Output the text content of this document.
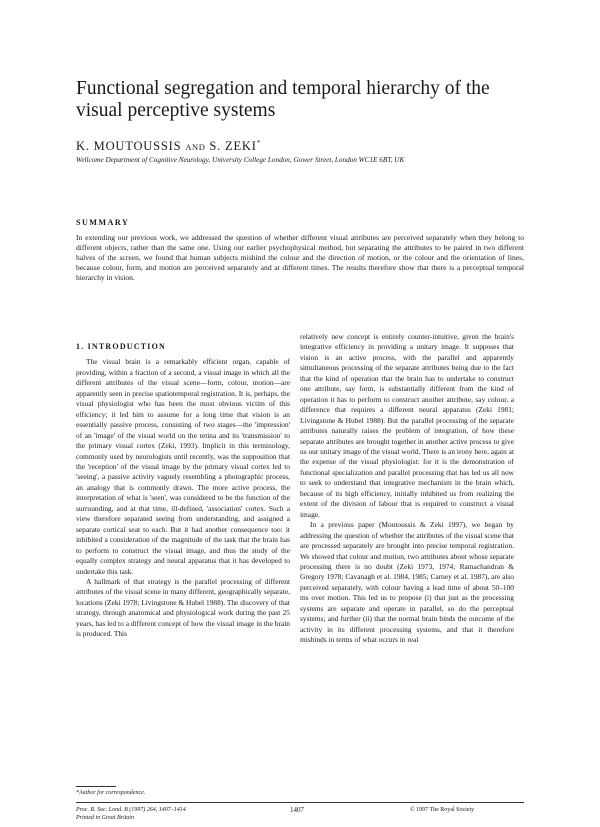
Functional segregation and temporal hierarchy of the visual perceptive systems
K. MOUTOUSSIS AND S. ZEKI*
Wellcome Department of Cognitive Neurology, University College London, Gower Street, London WC1E 6BT, UK
SUMMARY

In extending our previous work, we addressed the question of whether different visual attributes are perceived separately when they belong to different objects, rather than the same one. Using our earlier psychophysical method, but separating the attributes to be paired in two different halves of the screen, we found that human subjects mishind the colour and the direction of motion, or the colour and the orientation of lines, because colour, form, and motion are perceived separately and at different times. The results therefore show that there is a perceptual temporal hierarchy in vision.

1. INTRODUCTION

The visual brain is a remarkably efficient organ, capable of providing, within a fraction of a second, a visual image in which all the different attributes of the visual scene—form, colour, motion—are apparently seen in precise spatiotemporal registration. It is, perhaps, the visual physiologist who has been the most obvious victim of this efficiency; it led him to assume for a long time that vision is an essentially passive process, consisting of two stages—the 'impression' of an 'image' of the visual world on the retina and its 'transmission' to the primary visual cortex (Zeki, 1993). Implicit in this terminology, commonly used by neurologists until recently, was the supposition that the 'reception' of the visual image by the primary visual cortex led to 'seeing', a passive activity vaguely resembling a photographic process, an analogy that is commonly drawn. The more active process, the interpretation of what is 'seen', was considered to be the function of the surrounding, and at that time, ill-defined, 'association' cortex. Such a view therefore separated seeing from understanding, and assigned a separate cortical seat to each. But it had another consequence too: it inhibited a consideration of the magnitude of the task that the brain has to perform to construct the visual image, and thus the study of the equally complex strategy and neural apparatus that it has developed to undertake this task.

A hallmark of that strategy is the parallel processing of different attributes of the visual scene in many different, geographically separate, locations (Zeki 1978; Livingstone & Hubel 1988). The discovery of that strategy, through anatomical and physiological work during the past 25 years, has led to a different concept of how the visual image in the brain is produced. This

relatively new concept is entirely counter-intuitive, given the brain's integrative efficiency in providing a unitary image. It supposes that vision is an active process, with the parallel and apparently simultaneous processing of the separate attributes being due to the fact that the kind of operation that the brain has to undertake to construct one attribute, say form, is substantially different from the kind of operation it has to perform to construct another attribute, say colour, a difference that requires a different neural apparatus (Zeki 1981; Livingstone & Hubel 1988). But the parallel processing of the separate attributes naturally raises the problem of integration, of how these separate attributes are brought together in another active process to give us our unitary image of the visual world. There is an irony here, again at the expense of the visual physiologist: for it is the demonstration of functional specialization and parallel processing that has led us all now to seek to understand that integrative mechanism in the brain which, because of its high efficiency, initially inhibited us from realizing the extent of the division of labour that is required to construct a visual image.

In a previous paper (Moutoussis & Zeki 1997), we began by addressing the question of whether the attributes of the visual scene that are processed separately are brought into precise temporal registration. We showed that colour and motion, two attributes about whose separate processing there is no doubt (Zeki 1973, 1974; Ramachandran & Gregory 1978; Cavanagh et al. 1984, 1985; Carney et al. 1987), are also perceived separately, with colour having a lead time of about 50–100 ms over motion. This led us to propose (i) that just as the processing systems are separate and operate in parallel, so do the perceptual systems; and further (ii) that the normal brain binds the outcome of the activity in its different processing systems, and that it therefore misbinds in terms of what occurs in real

*Author for correspondence.
Proc. R. Soc. Lond. B (1997) 264, 1407–1414
Printed in Great Britain
1407	© 1997 The Royal Society
